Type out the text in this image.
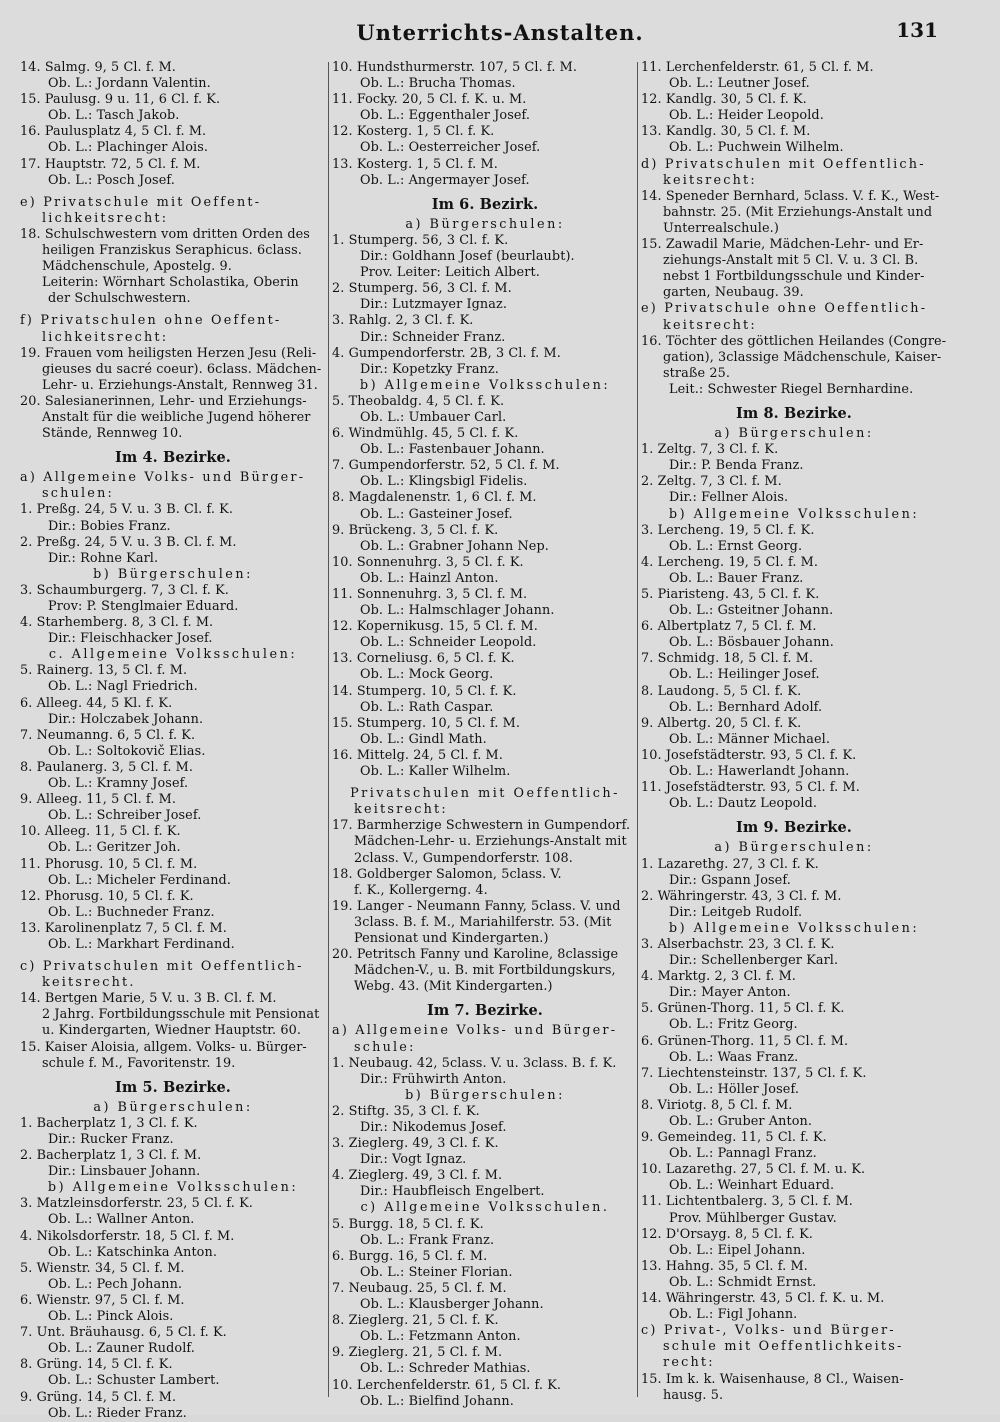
Unterrichts-Anstalten.	131
14. Salmg. 9, 5 Cl. f. M.
Ob. L.: Jordann Valentin.
15. Paulusg. 9 u. 11, 6 Cl. f. K.
Ob. L.: Tasch Jakob.
16. Paulusplatz 4, 5 Cl. f. M.
Ob. L.: Plachinger Alois.
17. Hauptstr. 72, 5 Cl. f. M.
Ob. L.: Posch Josef.
e) Privatschule mit Oeffent-
lichkeitsrecht:
18. Schulschwestern vom dritten Orden des
heiligen Franziskus Seraphicus. 6class.
Mädchenschule, Apostelg. 9.
Leiterin: Wörnhart Scholastika, Oberin
der Schulschwestern.
f) Privatschulen ohne Oeffent-
lichkeitsrecht:
19. Frauen vom heiligsten Herzen Jesu (Reli-
gieuses du sacré coeur). 6class. Mädchen-
Lehr- u. Erziehungs-Anstalt, Rennweg 31.
20. Salesianerinnen, Lehr- und Erziehungs-
Anstalt für die weibliche Jugend höherer
Stände, Rennweg 10.
Im 4. Bezirke.
a) Allgemeine Volks- und Bürger-
schulen:
1. Preßg. 24, 5 V. u. 3 B. Cl. f. K.
Dir.: Bobies Franz.
2. Preßg. 24, 5 V. u. 3 B. Cl. f. M.
Dir.: Rohne Karl.
b) Bürgerschulen:
3. Schaumburgerg. 7, 3 Cl. f. K.
Prov: P. Stenglmaier Eduard.
4. Starhemberg. 8, 3 Cl. f. M.
Dir.: Fleischhacker Josef.
c. Allgemeine Volksschulen:
5. Rainerg. 13, 5 Cl. f. M.
Ob. L.: Nagl Friedrich.
6. Alleeg. 44, 5 Kl. f. K.
Dir.: Holczabek Johann.
7. Neumanng. 6, 5 Cl. f. K.
Ob. L.: Soltokovič Elias.
8. Paulanerg. 3, 5 Cl. f. M.
Ob. L.: Kramny Josef.
9. Alleeg. 11, 5 Cl. f. M.
Ob. L.: Schreiber Josef.
10. Alleeg. 11, 5 Cl. f. K.
Ob. L.: Geritzer Joh.
11. Phorusg. 10, 5 Cl. f. M.
Ob. L.: Micheler Ferdinand.
12. Phorusg. 10, 5 Cl. f. K.
Ob. L.: Buchneder Franz.
13. Karolinenplatz 7, 5 Cl. f. M.
Ob. L.: Markhart Ferdinand.
c) Privatschulen mit Oeffentlich-
keitsrecht.
14. Bertgen Marie, 5 V. u. 3 B. Cl. f. M.
2 Jahrg. Fortbildungsschule mit Pensionat
u. Kindergarten, Wiedner Hauptstr. 60.
15. Kaiser Aloisia, allgem. Volks- u. Bürger-
schule f. M., Favoritenstr. 19.
Im 5. Bezirke.
a) Bürgerschulen:
1. Bacherplatz 1, 3 Cl. f. K.
Dir.: Rucker Franz.
2. Bacherplatz 1, 3 Cl. f. M.
Dir.: Linsbauer Johann.
b) Allgemeine Volksschulen:
3. Matzleinsdorferstr. 23, 5 Cl. f. K.
Ob. L.: Wallner Anton.
4. Nikolsdorferstr. 18, 5 Cl. f. M.
Ob. L.: Katschinka Anton.
5. Wienstr. 34, 5 Cl. f. M.
Ob. L.: Pech Johann.
6. Wienstr. 97, 5 Cl. f. M.
Ob. L.: Pinck Alois.
7. Unt. Bräuhausg. 6, 5 Cl. f. K.
Ob. L.: Zauner Rudolf.
8. Grüng. 14, 5 Cl. f. K.
Ob. L.: Schuster Lambert.
9. Grüng. 14, 5 Cl. f. M.
Ob. L.: Rieder Franz.
10. Hundsthurmerstr. 107, 5 Cl. f. M.
Ob. L.: Brucha Thomas.
11. Focky. 20, 5 Cl. f. K. u. M.
Ob. L.: Eggenthaler Josef.
12. Kosterg. 1, 5 Cl. f. K.
Ob. L.: Oesterreicher Josef.
13. Kosterg. 1, 5 Cl. f. M.
Ob. L.: Angermayer Josef.
Im 6. Bezirk.
a) Bürgerschulen:
1. Stumperg. 56, 3 Cl. f. K.
Dir.: Goldhann Josef (beurlaubt).
Prov. Leiter: Leitich Albert.
2. Stumperg. 56, 3 Cl. f. M.
Dir.: Lutzmayer Ignaz.
3. Rahlg. 2, 3 Cl. f. K.
Dir.: Schneider Franz.
4. Gumpendorferstr. 2B, 3 Cl. f. M.
Dir.: Kopetzky Franz.
b) Allgemeine Volksschulen:
5. Theobaldg. 4, 5 Cl. f. K.
Ob. L.: Umbauer Carl.
6. Windmühlg. 45, 5 Cl. f. K.
Ob. L.: Fastenbauer Johann.
7. Gumpendorferstr. 52, 5 Cl. f. M.
Ob. L.: Klingsbigl Fidelis.
8. Magdalenenstr. 1, 6 Cl. f. M.
Ob. L.: Gasteiner Josef.
9. Brückeng. 3, 5 Cl. f. K.
Ob. L.: Grabner Johann Nep.
10. Sonnenuhrg. 3, 5 Cl. f. K.
Ob. L.: Hainzl Anton.
11. Sonnenuhrg. 3, 5 Cl. f. M.
Ob. L.: Halmschlager Johann.
12. Kopernikusg. 15, 5 Cl. f. M.
Ob. L.: Schneider Leopold.
13. Corneliusg. 6, 5 Cl. f. K.
Ob. L.: Mock Georg.
14. Stumperg. 10, 5 Cl. f. K.
Ob. L.: Rath Caspar.
15. Stumperg. 10, 5 Cl. f. M.
Ob. L.: Gindl Math.
16. Mittelg. 24, 5 Cl. f. M.
Ob. L.: Kaller Wilhelm.
Privatschulen mit Oeffentlich-
keitsrecht:
17. Barmherzige Schwestern in Gumpendorf.
Mädchen-Lehr- u. Erziehungs-Anstalt mit
2class. V., Gumpendorferstr. 108.
18. Goldberger Salomon, 5class. V.
f. K., Kollergerng. 4.
19. Langer - Neumann Fanny, 5class. V. und
3class. B. f. M., Mariahilferstr. 53. (Mit
Pensionat und Kindergarten.)
20. Petritsch Fanny und Karoline, 8classige
Mädchen-V., u. B. mit Fortbildungskurs,
Webg. 43. (Mit Kindergarten.)
Im 7. Bezirke.
a) Allgemeine Volks- und Bürger-
schule:
1. Neubaug. 42, 5class. V. u. 3class. B. f. K.
Dir.: Frühwirth Anton.
b) Bürgerschulen:
2. Stiftg. 35, 3 Cl. f. K.
Dir.: Nikodemus Josef.
3. Zieglerg. 49, 3 Cl. f. K.
Dir.: Vogt Ignaz.
4. Zieglerg. 49, 3 Cl. f. M.
Dir.: Haubfleisch Engelbert.
c) Allgemeine Volksschulen.
5. Burgg. 18, 5 Cl. f. K.
Ob. L.: Frank Franz.
6. Burgg. 16, 5 Cl. f. M.
Ob. L.: Steiner Florian.
7. Neubaug. 25, 5 Cl. f. M.
Ob. L.: Klausberger Johann.
8. Zieglerg. 21, 5 Cl. f. K.
Ob. L.: Fetzmann Anton.
9. Zieglerg. 21, 5 Cl. f. M.
Ob. L.: Schreder Mathias.
10. Lerchenfelderstr. 61, 5 Cl. f. K.
Ob. L.: Bielfind Johann.
11. Lerchenfelderstr. 61, 5 Cl. f. M.
Ob. L.: Leutner Josef.
12. Kandlg. 30, 5 Cl. f. K.
Ob. L.: Heider Leopold.
13. Kandlg. 30, 5 Cl. f. M.
Ob. L.: Puchwein Wilhelm.
d) Privatschulen mit Oeffentlich-
keitsrecht:
14. Speneder Bernhard, 5class. V. f. K., West-
bahnstr. 25. (Mit Erziehungs-Anstalt und
Unterrealschule.)
15. Zawadil Marie, Mädchen-Lehr- und Er-
ziehungs-Anstalt mit 5 Cl. V. u. 3 Cl. B.
nebst 1 Fortbildungsschule und Kinder-
garten, Neubaug. 39.
e) Privatschule ohne Oeffentlich-
keitsrecht:
16. Töchter des göttlichen Heilandes (Congre-
gation), 3classige Mädchenschule, Kaiser-
straße 25.
Leit.: Schwester Riegel Bernhardine.
Im 8. Bezirke.
a) Bürgerschulen:
1. Zeltg. 7, 3 Cl. f. K.
Dir.: P. Benda Franz.
2. Zeltg. 7, 3 Cl. f. M.
Dir.: Fellner Alois.
b) Allgemeine Volksschulen:
3. Lercheng. 19, 5 Cl. f. K.
Ob. L.: Ernst Georg.
4. Lercheng. 19, 5 Cl. f. M.
Ob. L.: Bauer Franz.
5. Piaristeng. 43, 5 Cl. f. K.
Ob. L.: Gsteitner Johann.
6. Albertplatz 7, 5 Cl. f. M.
Ob. L.: Bösbauer Johann.
7. Schmidg. 18, 5 Cl. f. M.
Ob. L.: Heilinger Josef.
8. Laudong. 5, 5 Cl. f. K.
Ob. L.: Bernhard Adolf.
9. Albertg. 20, 5 Cl. f. K.
Ob. L.: Männer Michael.
10. Josefstädterstr. 93, 5 Cl. f. K.
Ob. L.: Hawerlandt Johann.
11. Josefstädterstr. 93, 5 Cl. f. M.
Ob. L.: Dautz Leopold.
Im 9. Bezirke.
a) Bürgerschulen:
1. Lazarethg. 27, 3 Cl. f. K.
Dir.: Gspann Josef.
2. Währingerstr. 43, 3 Cl. f. M.
Dir.: Leitgeb Rudolf.
b) Allgemeine Volksschulen:
3. Alserbachstr. 23, 3 Cl. f. K.
Dir.: Schellenberger Karl.
4. Marktg. 2, 3 Cl. f. M.
Dir.: Mayer Anton.
5. Grünen-Thorg. 11, 5 Cl. f. K.
Ob. L.: Fritz Georg.
6. Grünen-Thorg. 11, 5 Cl. f. M.
Ob. L.: Waas Franz.
7. Liechtensteinstr. 137, 5 Cl. f. K.
Ob. L.: Höller Josef.
8. Viriotg. 8, 5 Cl. f. M.
Ob. L.: Gruber Anton.
9. Gemeindeg. 11, 5 Cl. f. K.
Ob. L.: Pannagl Franz.
10. Lazarethg. 27, 5 Cl. f. M. u. K.
Ob. L.: Weinhart Eduard.
11. Lichtentbalerg. 3, 5 Cl. f. M.
Prov. Mühlberger Gustav.
12. D'Orsayg. 8, 5 Cl. f. K.
Ob. L.: Eipel Johann.
13. Hahng. 35, 5 Cl. f. M.
Ob. L.: Schmidt Ernst.
14. Währingerstr. 43, 5 Cl. f. K. u. M.
Ob. L.: Figl Johann.
c) Privat-, Volks- und Bürger-
schule mit Oeffentlichkeits-
recht:
15. Im k. k. Waisenhause, 8 Cl., Waisen-
hausg. 5.
